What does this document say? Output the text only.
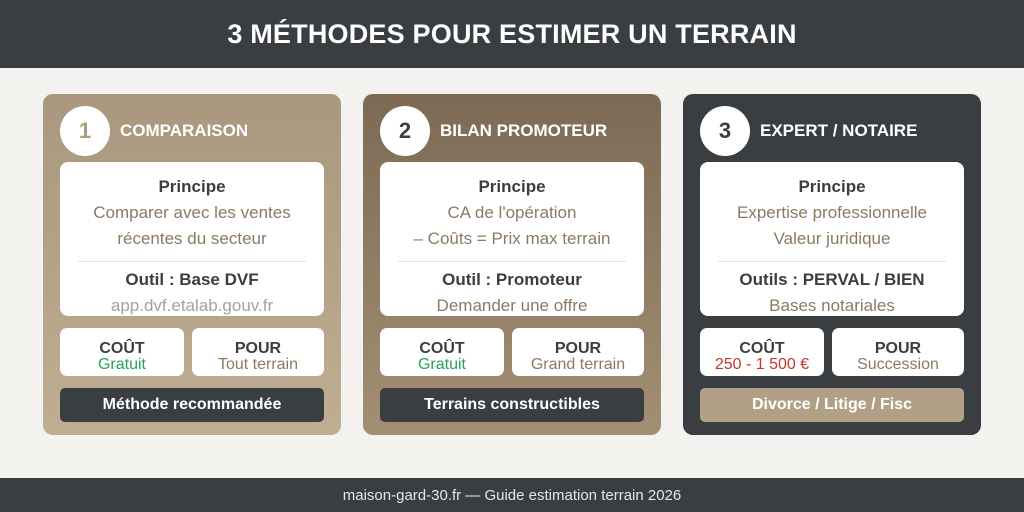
3 MÉTHODES POUR ESTIMER UN TERRAIN
1	COMPARAISON
Principe
Comparer avec les ventes
récentes du secteur
Outil : Base DVF
app.dvf.etalab.gouv.fr
COÛT
Gratuit
POUR
Tout terrain
Méthode recommandée
2	BILAN PROMOTEUR
Principe
CA de l'opération
– Coûts = Prix max terrain
Outil : Promoteur
Demander une offre
COÛT
Gratuit
POUR
Grand terrain
Terrains constructibles
3	EXPERT / NOTAIRE
Principe
Expertise professionnelle
Valeur juridique
Outils : PERVAL / BIEN
Bases notariales
COÛT
250 - 1 500 €
POUR
Succession
Divorce / Litige / Fisc
maison-gard-30.fr — Guide estimation terrain 2026
